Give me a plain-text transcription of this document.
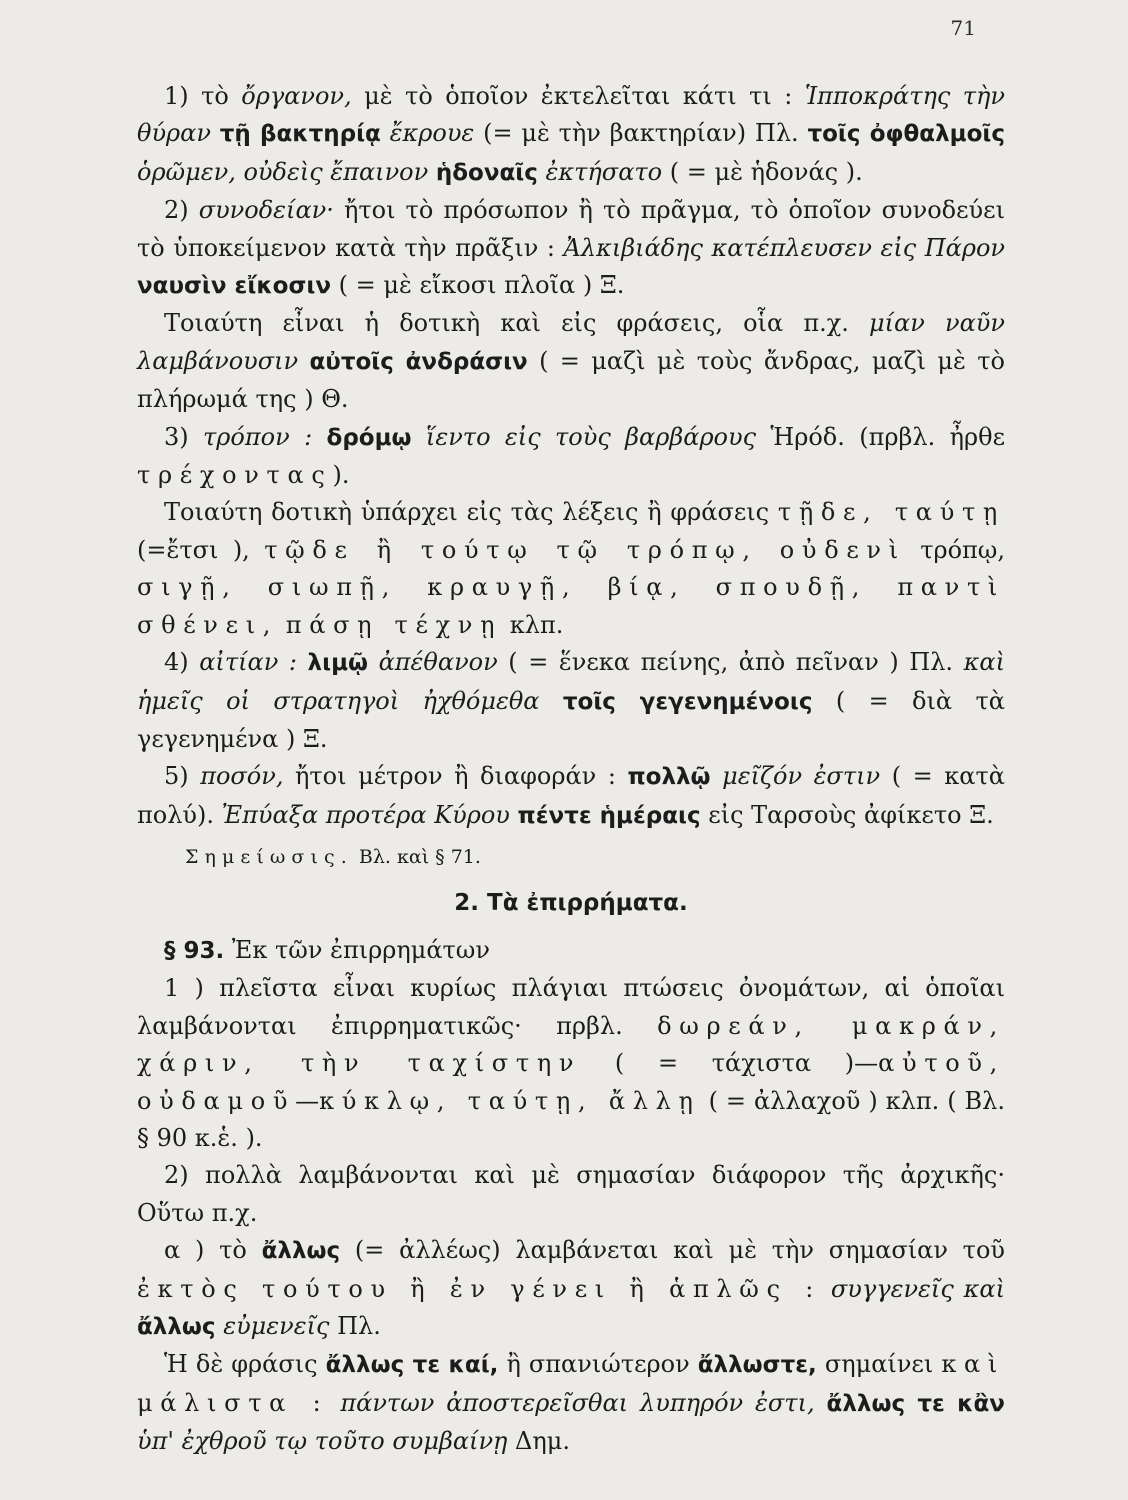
71

1) τὸ ὄργανον, μὲ τὸ ὁποῖον ἐκτελεῖται κάτι τι : Ἱπποκράτης τὴν θύραν τῇ βακτηρίᾳ ἔκρουε (= μὲ τὴν βακτηρίαν) Πλ. τοῖς ὀφθαλμοῖς ὁρῶμεν, οὐδεὶς ἔπαινον ἡδοναῖς ἐκτήσατο ( = μὲ ἡδονάς ).

2) συνοδείαν· ἤτοι τὸ πρόσωπον ἢ τὸ πρᾶγμα, τὸ ὁποῖον συνοδεύει τὸ ὑποκείμενον κατὰ τὴν πρᾶξιν : Ἀλκιβιάδης κατέπλευσεν εἰς Πάρον ναυσὶν εἴκοσιν ( = μὲ εἴκοσι πλοῖα ) Ξ.

Τοιαύτη εἶναι ἡ δοτικὴ καὶ εἰς φράσεις, οἷα π.χ. μίαν ναῦν λαμβάνουσιν αὐτοῖς ἀνδράσιν ( = μαζὶ μὲ τοὺς ἄνδρας, μαζὶ μὲ τὸ πλήρωμά της ) Θ.

3) τρόπον : δρόμῳ ἵεντο εἰς τοὺς βαρβάρους Ἡρόδ. (πρβλ. ἦρθε τρέχοντας).

Τοιαύτη δοτικὴ ὑπάρχει εἰς τὰς λέξεις ἢ φράσεις τῇδε, ταύτῃ (=ἔτσι ), τῷδε ἢ τούτῳ τῷ τρόπῳ, οὐδενὶ τρόπῳ, σιγῇ, σιωπῇ, κραυγῇ, βίᾳ, σπουδῇ, παντὶ σθένει, πάσῃ τέχνῃ κλπ.

4) αἰτίαν : λιμῷ ἀπέθανον ( = ἕνεκα πείνης, ἀπὸ πεῖναν ) Πλ. καὶ ἡμεῖς οἱ στρατηγοὶ ἠχθόμεθα τοῖς γεγενημένοις ( = διὰ τὰ γεγενημένα ) Ξ.

5) ποσόν, ἤτοι μέτρον ἢ διαφοράν : πολλῷ μεῖζόν ἐστιν ( = κατὰ πολύ). Ἐπύαξα προτέρα Κύρου πέντε ἡμέραις εἰς Ταρσοὺς ἀφίκετο Ξ.

Σημείωσις. Βλ. καὶ § 71.

2. Τὰ ἐπιρρήματα.

§ 93. Ἐκ τῶν ἐπιρρημάτων

1 ) πλεῖστα εἶναι κυρίως πλάγιαι πτώσεις ὀνομάτων, αἱ ὁποῖαι λαμβάνονται ἐπιρρηματικῶς· πρβλ. δωρεάν, μακράν, χάριν, τὴν ταχίστην ( = τάχιστα )—αὐτοῦ, οὐδαμοῦ—κύκλῳ, ταύτῃ, ἄλλῃ ( = ἀλλαχοῦ ) κλπ. ( Βλ. § 90 κ.ἑ. ).

2) πολλὰ λαμβάνονται καὶ μὲ σημασίαν διάφορον τῆς ἀρχικῆς· Οὕτω π.χ.

α ) τὸ ἄλλως (= ἀλλέως) λαμβάνεται καὶ μὲ τὴν σημασίαν τοῦ ἐκτὸς τούτου ἢ ἐν γένει ἢ ἁπλῶς : συγγενεῖς καὶ ἄλλως εὐμενεῖς Πλ.

Ἡ δὲ φράσις ἄλλως τε καί, ἢ σπανιώτερον ἄλλωστε, σημαίνει καὶ μάλιστα : πάντων ἀποστερεῖσθαι λυπηρόν ἐστι, ἄλλως τε κἂν ὑπ' ἐχθροῦ τῳ τοῦτο συμβαίνῃ Δημ.
